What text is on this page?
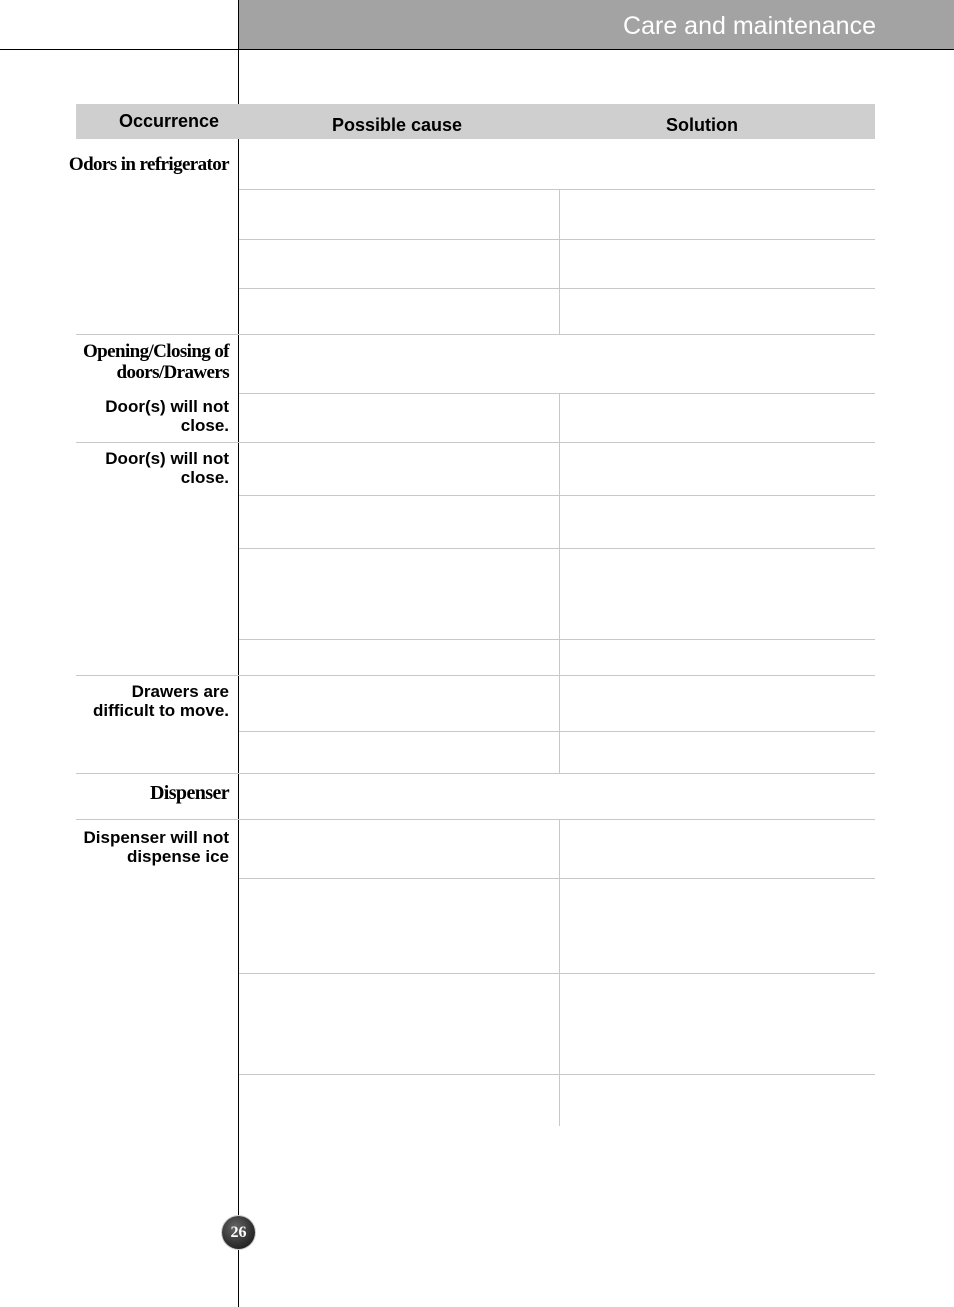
Care and maintenance
Occurrence	Possible cause	Solution
Odors in refrigerator
Opening/Closing of
doors/Drawers
Door(s) will not
close.
Door(s) will not
close.
Drawers are
difficult to move.
Dispenser
Dispenser will not
dispense ice
26
